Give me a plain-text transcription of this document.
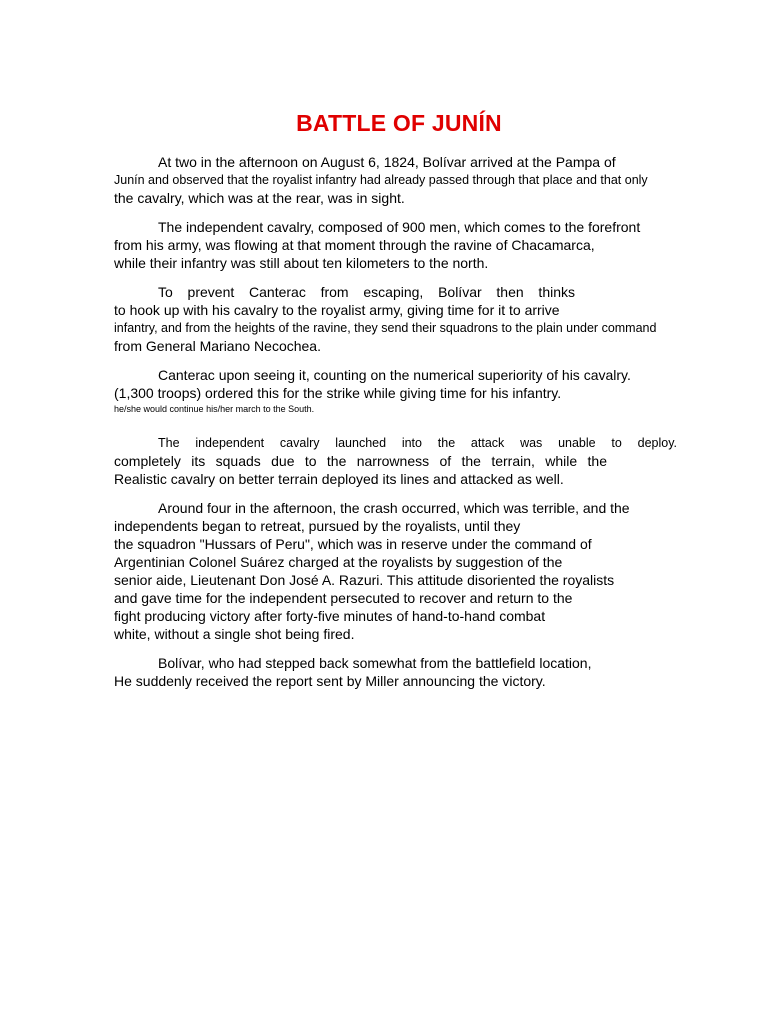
BATTLE OF JUNÍN
At two in the afternoon on August 6, 1824, Bolívar arrived at the Pampa of
Junín and observed that the royalist infantry had already passed through that place and that only
the cavalry, which was at the rear, was in sight.
The independent cavalry, composed of 900 men, which comes to the forefront
from his army, was flowing at that moment through the ravine of Chacamarca,
while their infantry was still about ten kilometers to the north.
To prevent Canterac from escaping, Bolívar then thinks
to hook up with his cavalry to the royalist army, giving time for it to arrive
infantry, and from the heights of the ravine, they send their squadrons to the plain under command
from General Mariano Necochea.
Canterac upon seeing it, counting on the numerical superiority of his cavalry.
(1,300 troops) ordered this for the strike while giving time for his infantry.
he/she would continue his/her march to the South.
The independent cavalry launched into the attack was unable to deploy.
completely its squads due to the narrowness of the terrain, while the
Realistic cavalry on better terrain deployed its lines and attacked as well.
Around four in the afternoon, the crash occurred, which was terrible, and the
independents began to retreat, pursued by the royalists, until they
the squadron "Hussars of Peru", which was in reserve under the command of
Argentinian Colonel Suárez charged at the royalists by suggestion of the
senior aide, Lieutenant Don José A. Razuri. This attitude disoriented the royalists
and gave time for the independent persecuted to recover and return to the
fight producing victory after forty-five minutes of hand-to-hand combat
white, without a single shot being fired.
Bolívar, who had stepped back somewhat from the battlefield location,
He suddenly received the report sent by Miller announcing the victory.
